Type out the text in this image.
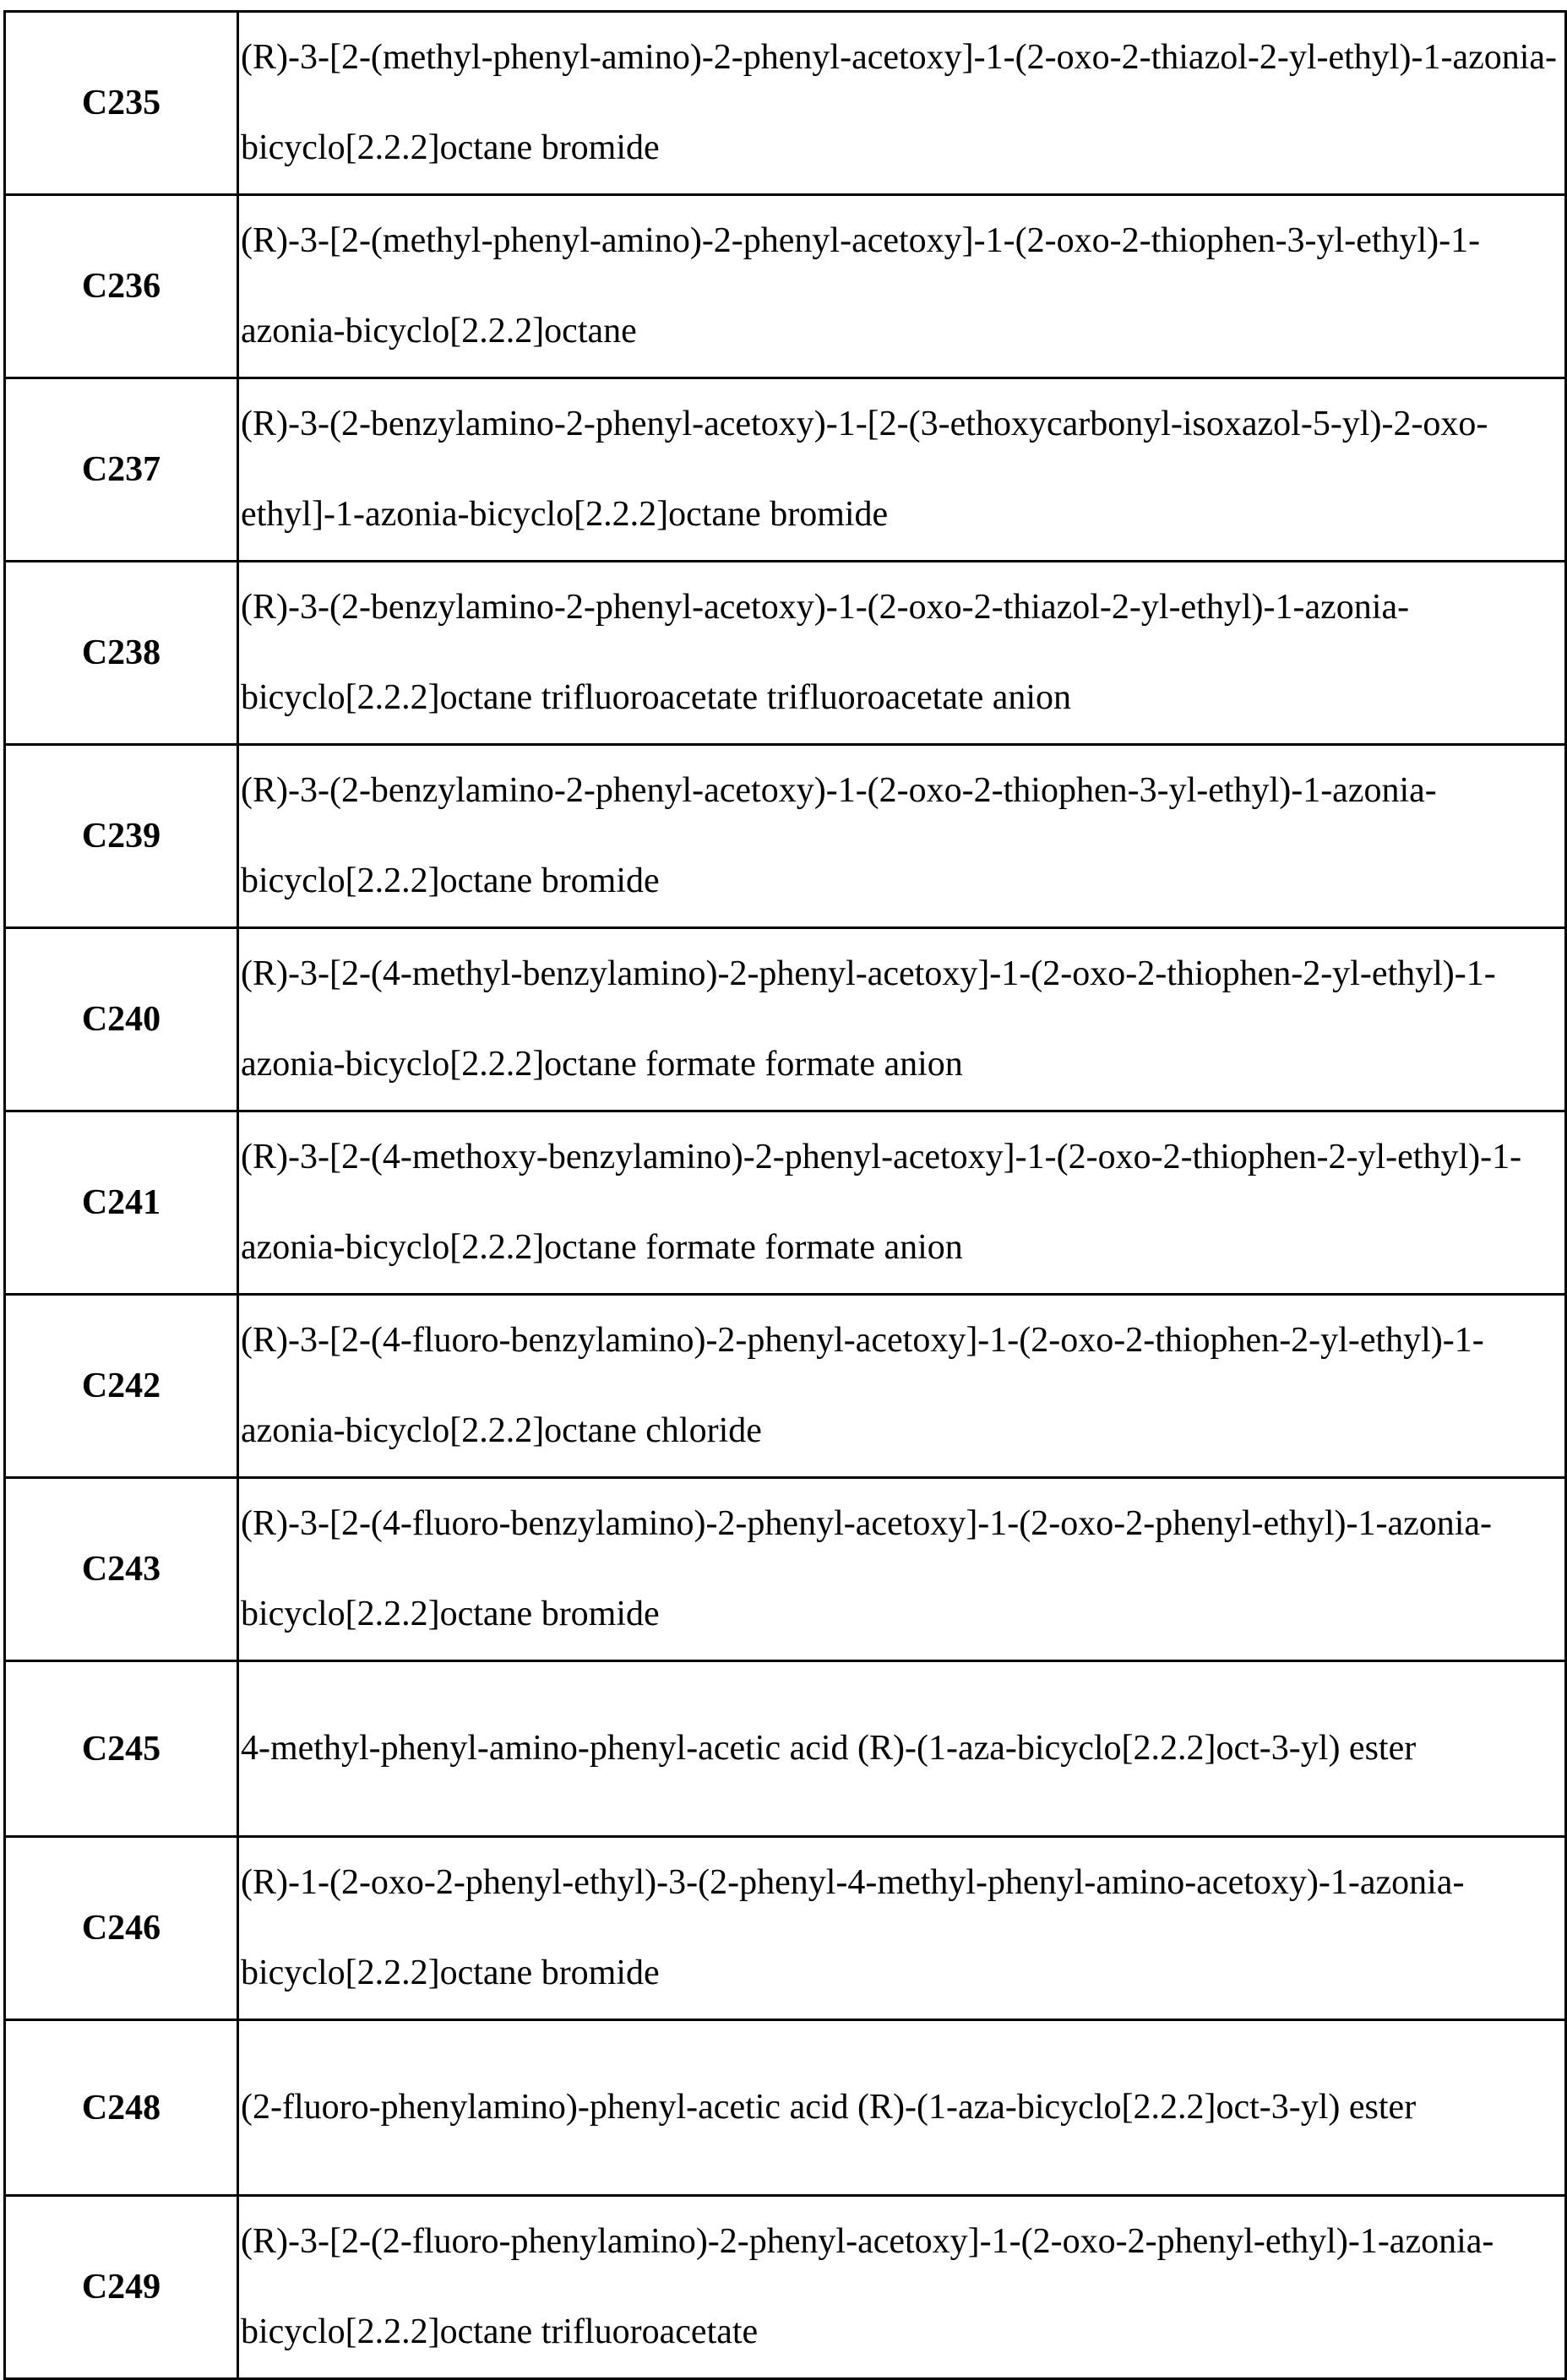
C235	(R)-3-[2-(methyl-phenyl-amino)-2-phenyl-acetoxy]-1-(2-oxo-2-thiazol-2-yl-ethyl)-1-azonia-bicyclo[2.2.2]octane bromide
C236	(R)-3-[2-(methyl-phenyl-amino)-2-phenyl-acetoxy]-1-(2-oxo-2-thiophen-3-yl-ethyl)-1-azonia-bicyclo[2.2.2]octane
C237	(R)-3-(2-benzylamino-2-phenyl-acetoxy)-1-[2-(3-ethoxycarbonyl-isoxazol-5-yl)-2-oxo-ethyl]-1-azonia-bicyclo[2.2.2]octane bromide
C238	(R)-3-(2-benzylamino-2-phenyl-acetoxy)-1-(2-oxo-2-thiazol-2-yl-ethyl)-1-azonia-bicyclo[2.2.2]octane trifluoroacetate trifluoroacetate anion
C239	(R)-3-(2-benzylamino-2-phenyl-acetoxy)-1-(2-oxo-2-thiophen-3-yl-ethyl)-1-azonia-bicyclo[2.2.2]octane bromide
C240	(R)-3-[2-(4-methyl-benzylamino)-2-phenyl-acetoxy]-1-(2-oxo-2-thiophen-2-yl-ethyl)-1-azonia-bicyclo[2.2.2]octane formate formate anion
C241	(R)-3-[2-(4-methoxy-benzylamino)-2-phenyl-acetoxy]-1-(2-oxo-2-thiophen-2-yl-ethyl)-1-azonia-bicyclo[2.2.2]octane formate formate anion
C242	(R)-3-[2-(4-fluoro-benzylamino)-2-phenyl-acetoxy]-1-(2-oxo-2-thiophen-2-yl-ethyl)-1-azonia-bicyclo[2.2.2]octane chloride
C243	(R)-3-[2-(4-fluoro-benzylamino)-2-phenyl-acetoxy]-1-(2-oxo-2-phenyl-ethyl)-1-azonia-bicyclo[2.2.2]octane bromide
C245	4-methyl-phenyl-amino-phenyl-acetic acid (R)-(1-aza-bicyclo[2.2.2]oct-3-yl) ester
C246	(R)-1-(2-oxo-2-phenyl-ethyl)-3-(2-phenyl-4-methyl-phenyl-amino-acetoxy)-1-azonia-bicyclo[2.2.2]octane bromide
C248	(2-fluoro-phenylamino)-phenyl-acetic acid (R)-(1-aza-bicyclo[2.2.2]oct-3-yl) ester
C249	(R)-3-[2-(2-fluoro-phenylamino)-2-phenyl-acetoxy]-1-(2-oxo-2-phenyl-ethyl)-1-azonia-bicyclo[2.2.2]octane trifluoroacetate
